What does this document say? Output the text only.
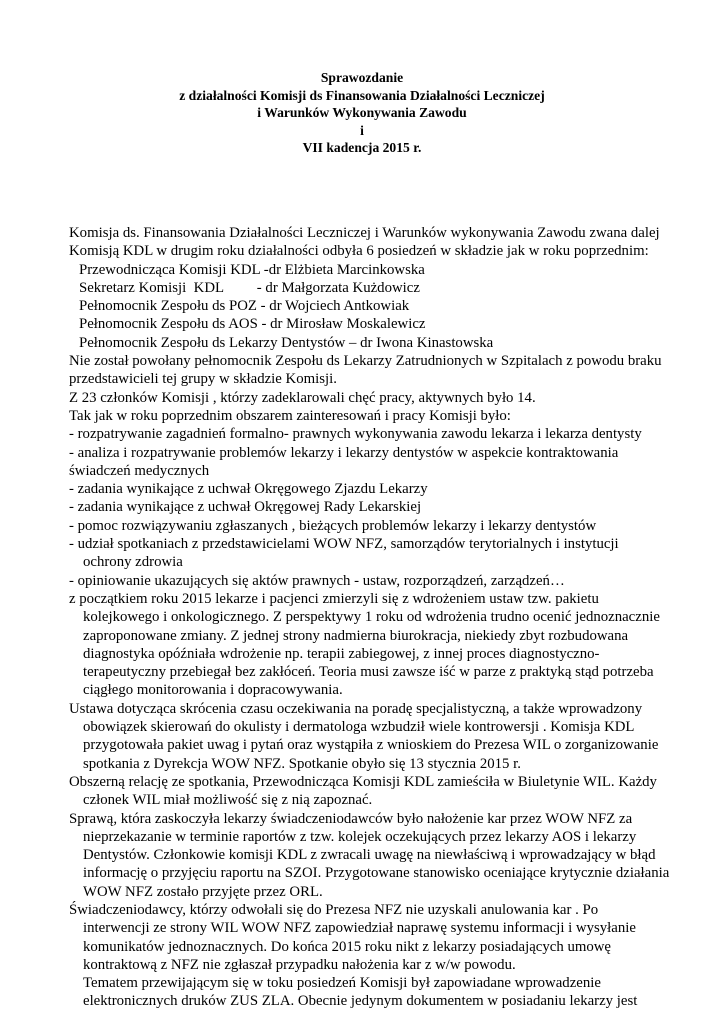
Sprawozdanie
z działalności Komisji ds Finansowania Działalności Leczniczej
i Warunków Wykonywania Zawodu
i
VII kadencja 2015 r.
Komisja ds. Finansowania Działalności Leczniczej i Warunków wykonywania Zawodu zwana dalej
Komisją KDL w drugim roku działalności odbyła 6 posiedzeń w składzie jak w roku poprzednim:
Przewodnicząca Komisji KDL -dr Elżbieta Marcinkowska
Sekretarz Komisji  KDL         - dr Małgorzata Kużdowicz
Pełnomocnik Zespołu ds POZ - dr Wojciech Antkowiak
Pełnomocnik Zespołu ds AOS - dr Mirosław Moskalewicz
Pełnomocnik Zespołu ds Lekarzy Dentystów – dr Iwona Kinastowska
Nie został powołany pełnomocnik Zespołu ds Lekarzy Zatrudnionych w Szpitalach z powodu braku
przedstawicieli tej grupy w składzie Komisji.
Z 23 członków Komisji , którzy zadeklarowali chęć pracy, aktywnych było 14.
Tak jak w roku poprzednim obszarem zainteresowań i pracy Komisji było:
- rozpatrywanie zagadnień formalno- prawnych wykonywania zawodu lekarza i lekarza dentysty
- analiza i rozpatrywanie problemów lekarzy i lekarzy dentystów w aspekcie kontraktowania
świadczeń medycznych
- zadania wynikające z uchwał Okręgowego Zjazdu Lekarzy
- zadania wynikające z uchwał Okręgowej Rady Lekarskiej
- pomoc rozwiązywaniu zgłaszanych , bieżących problemów lekarzy i lekarzy dentystów
- udział spotkaniach z przedstawicielami WOW NFZ, samorządów terytorialnych i instytucji
ochrony zdrowia
- opiniowanie ukazujących się aktów prawnych - ustaw, rozporządzeń, zarządzeń…
z początkiem roku 2015 lekarze i pacjenci zmierzyli się z wdrożeniem ustaw tzw. pakietu
kolejkowego i onkologicznego. Z perspektywy 1 roku od wdrożenia trudno ocenić jednoznacznie
zaproponowane zmiany. Z jednej strony nadmierna biurokracja, niekiedy zbyt rozbudowana
diagnostyka opóźniała wdrożenie np. terapii zabiegowej, z innej proces diagnostyczno-
terapeutyczny przebiegał bez zakłóceń. Teoria musi zawsze iść w parze z praktyką stąd potrzeba
ciągłego monitorowania i dopracowywania.
Ustawa dotycząca skrócenia czasu oczekiwania na poradę specjalistyczną, a także wprowadzony
obowiązek skierowań do okulisty i dermatologa wzbudził wiele kontrowersji . Komisja KDL
przygotowała pakiet uwag i pytań oraz wystąpiła z wnioskiem do Prezesa WIL o zorganizowanie
spotkania z Dyrekcja WOW NFZ. Spotkanie obyło się 13 stycznia 2015 r.
Obszerną relację ze spotkania, Przewodnicząca Komisji KDL zamieściła w Biuletynie WIL. Każdy
członek WIL miał możliwość się z nią zapoznać.
Sprawą, która zaskoczyła lekarzy świadczeniodawców było nałożenie kar przez WOW NFZ za
nieprzekazanie w terminie raportów z tzw. kolejek oczekujących przez lekarzy AOS i lekarzy
Dentystów. Członkowie komisji KDL z zwracali uwagę na niewłaściwą i wprowadzający w błąd
informację o przyjęciu raportu na SZOI. Przygotowane stanowisko oceniające krytycznie działania
WOW NFZ zostało przyjęte przez ORL.
Świadczeniodawcy, którzy odwołali się do Prezesa NFZ nie uzyskali anulowania kar . Po
interwencji ze strony WIL WOW NFZ zapowiedział naprawę systemu informacji i wysyłanie
komunikatów jednoznacznych. Do końca 2015 roku nikt z lekarzy posiadających umowę
kontraktową z NFZ nie zgłaszał przypadku nałożenia kar z w/w powodu.
Tematem przewijającym się w toku posiedzeń Komisji był zapowiadane wprowadzenie
elektronicznych druków ZUS ZLA. Obecnie jedynym dokumentem w posiadaniu lekarzy jest
